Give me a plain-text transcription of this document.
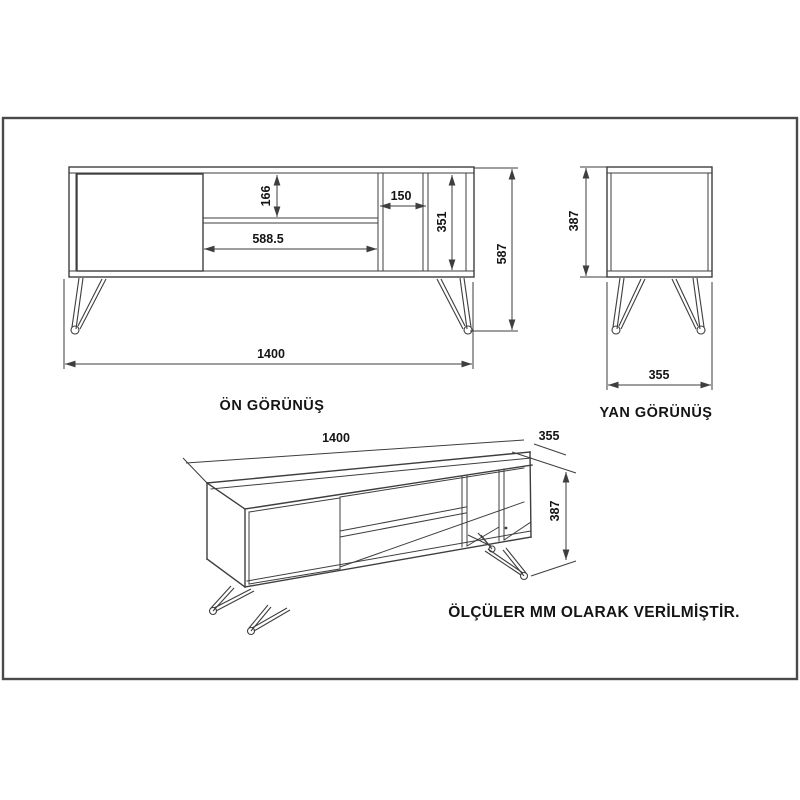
166	150
588.5
351
587
1400
ÖN GÖRÜNÜŞ
387
355
YAN GÖRÜNÜŞ
1400	355
387
ÖLÇÜLER MM OLARAK VERİLMİŞTİR.
